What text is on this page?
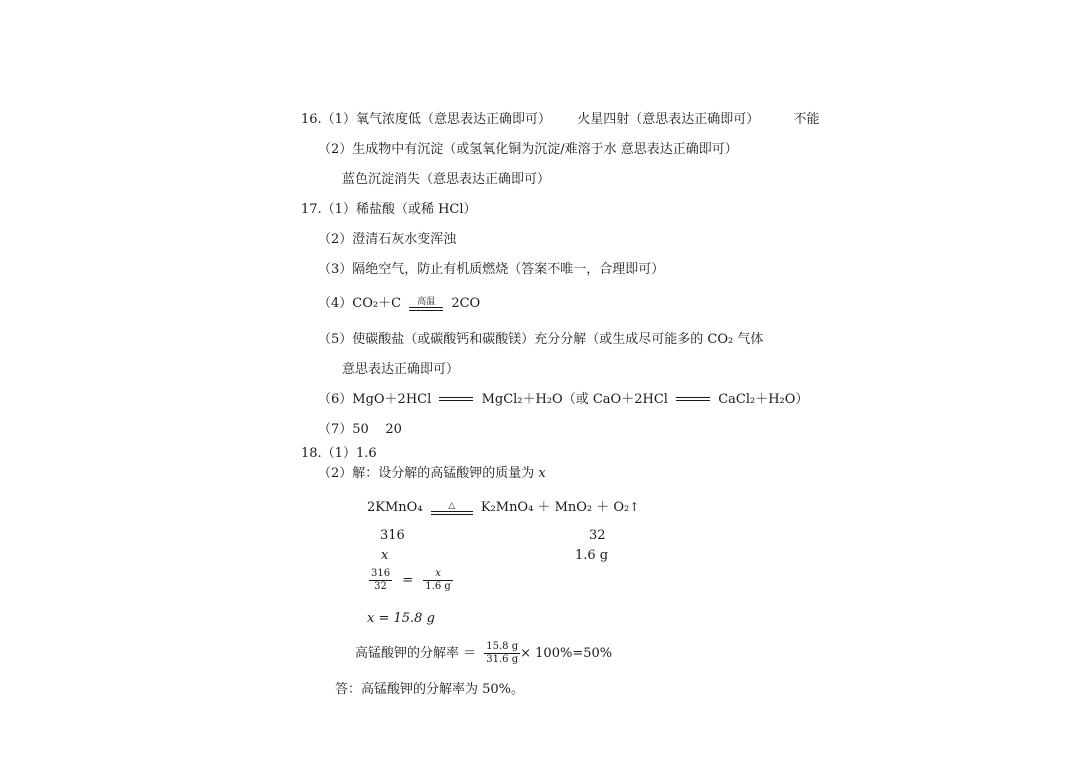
16.（1）氧气浓度低（意思表达正确即可） 火星四射（意思表达正确即可）	不能
（2）生成物中有沉淀（或氢氧化铜为沉淀/难溶于水 意思表达正确即可）
蓝色沉淀消失（意思表达正确即可）
17.（1）稀盐酸（或稀 HCl）
（2）澄清石灰水变浑浊
（3）隔绝空气，防止有机质燃烧（答案不唯一，合理即可）
（4）CO₂＋C	高温	2CO
（5）使碳酸盐（或碳酸钙和碳酸镁）充分分解（或生成尽可能多的 CO₂ 气体
意思表达正确即可）
（6）MgO＋2HCl	MgCl₂＋H₂O（或 CaO＋2HCl	CaCl₂＋H₂O）
（7）50    20
18.（1）1.6
（2）解：设分解的高锰酸钾的质量为 x
2KMnO₄	△	K₂MnO₄ ＋ MnO₂ ＋ O₂↑
316	32
x	1.6 g
$\frac{316}{32} = \frac{x}{1.6 g}$
x = 15.8 g
高锰酸钾的分解率 ＝ $\frac{15.8 g}{31.6 g} \times 100\%=50\%$
答：高锰酸钾的分解率为 50%。
